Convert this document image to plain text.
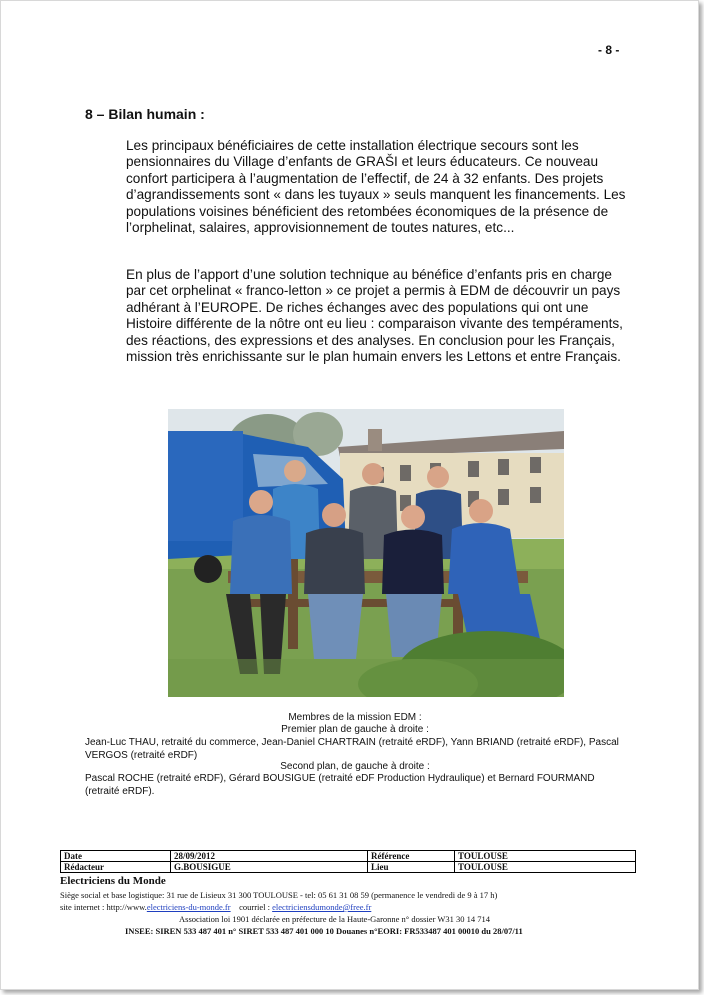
- 8 -
8 – Bilan humain :

Les principaux bénéficiaires de cette installation électrique secours sont les pensionnaires du Village d’enfants de GRAŠI et leurs éducateurs. Ce nouveau confort participera à l’augmentation de l’effectif, de 24 à 32 enfants. Des projets d’agrandissements sont « dans les tuyaux » seuls manquent les financements. Les populations voisines bénéficient des retombées économiques de la présence de l’orphelinat, salaires, approvisionnement de toutes natures, etc...

En plus de l’apport d’une solution technique au bénéfice d’enfants pris en charge par cet orphelinat « franco-letton » ce projet a permis à EDM de découvrir un pays adhérant à l’EUROPE. De riches échanges avec des populations qui ont une Histoire différente de la nôtre ont eu lieu : comparaison vivante des tempéraments, des réactions, des expressions et des analyses. En conclusion pour les Français, mission très enrichissante sur le plan humain envers les Lettons et entre Français.

Membres de la mission EDM :
Premier plan de gauche à droite :
Jean-Luc THAU, retraité du commerce, Jean-Daniel CHARTRAIN (retraité eRDF), Yann BRIAND (retraité eRDF), Pascal VERGOS (retraité eRDF)
Second plan, de gauche à droite :
Pascal ROCHE (retraité eRDF), Gérard BOUSIGUE (retraité eDF Production Hydraulique) et Bernard FOURMAND (retraité eRDF).
Date	28/09/2012	Référence	TOULOUSE
Rédacteur	G.BOUSIGUE	Lieu	TOULOUSE
Electriciens du Monde
Siège social et base logistique: 31 rue de Lisieux 31 300 TOULOUSE - tel: 05 61 31 08 59 (permanence le vendredi de 9 à 17 h)
site internet : http://www.electriciens-du-monde.fr courriel : electriciensdumonde@free.fr
Association loi 1901 déclarée en préfecture de la Haute-Garonne n° dossier W31 30 14 714
INSEE: SIREN 533 487 401 n° SIRET 533 487 401 000 10 Douanes n°EORI: FR533487 401 00010 du 28/07/11
